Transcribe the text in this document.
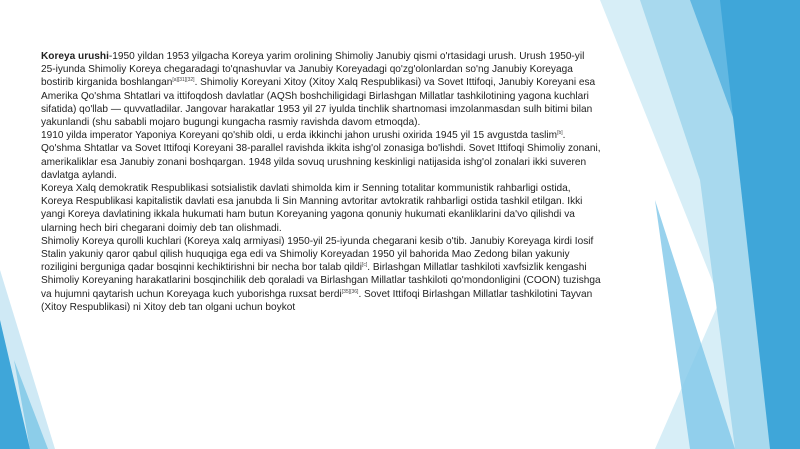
Koreya urushi-1950 yildan 1953 yilgacha Koreya yarim orolining Shimoliy Janubiy qismi o'rtasidagi urush. Urush 1950-yil 25-iyunda Shimoliy Koreya chegaradagi to'qnashuvlar va Janubiy Koreyadagi qo'zg'olonlardan so'ng Janubiy Koreyaga bostirib kirganida boshlangan[a][31][32]. Shimoliy Koreyani Xitoy (Xitoy Xalq Respublikasi) va Sovet Ittifoqi, Janubiy Koreyani esa Amerika Qo'shma Shtatlari va ittifoqdosh davlatlar (AQSh boshchiligidagi Birlashgan Millatlar tashkilotining yagona kuchlari sifatida) qo'llab — quvvatladilar. Jangovar harakatlar 1953 yil 27 iyulda tinchlik shartnomasi imzolanmasdan sulh bitimi bilan yakunlandi (shu sababli mojaro bugungi kungacha rasmiy ravishda davom etmoqda).

1910 yilda imperator Yaponiya Koreyani qo'shib oldi, u erda ikkinchi jahon urushi oxirida 1945 yil 15 avgustda taslim[b]. Qo'shma Shtatlar va Sovet Ittifoqi Koreyani 38-parallel ravishda ikkita ishg'ol zonasiga bo'lishdi. Sovet Ittifoqi Shimoliy zonani, amerikaliklar esa Janubiy zonani boshqargan. 1948 yilda sovuq urushning keskinligi natijasida ishg'ol zonalari ikki suveren davlatga aylandi.

Koreya Xalq demokratik Respublikasi sotsialistik davlati shimolda kim ir Senning totalitar kommunistik rahbarligi ostida, Koreya Respublikasi kapitalistik davlati esa janubda li Sin Manning avtoritar avtokratik rahbarligi ostida tashkil etilgan. Ikki yangi Koreya davlatining ikkala hukumati ham butun Koreyaning yagona qonuniy hukumati ekanliklarini da'vo qilishdi va ularning hech biri chegarani doimiy deb tan olishmadi.

Shimoliy Koreya qurolli kuchlari (Koreya xalq armiyasi) 1950-yil 25-iyunda chegarani kesib o'tib. Janubiy Koreyaga kirdi Iosif Stalin yakuniy qaror qabul qilish huquqiga ega edi va Shimoliy Koreyadan 1950 yil bahorida Mao Zedong bilan yakuniy roziligini berguniga qadar bosqinni kechiktirishni bir necha bor talab qildi[c]. Birlashgan Millatlar tashkiloti xavfsizlik kengashi Shimoliy Koreyaning harakatlarini bosqinchilik deb qoraladi va Birlashgan Millatlar tashkiloti qo'mondonligini (COON) tuzishga va hujumni qaytarish uchun Koreyaga kuch yuborishga ruxsat berdi[35][36]. Sovet Ittifoqi Birlashgan Millatlar tashkilotini Tayvan (Xitoy Respublikasi) ni Xitoy deb tan olgani uchun boykot
